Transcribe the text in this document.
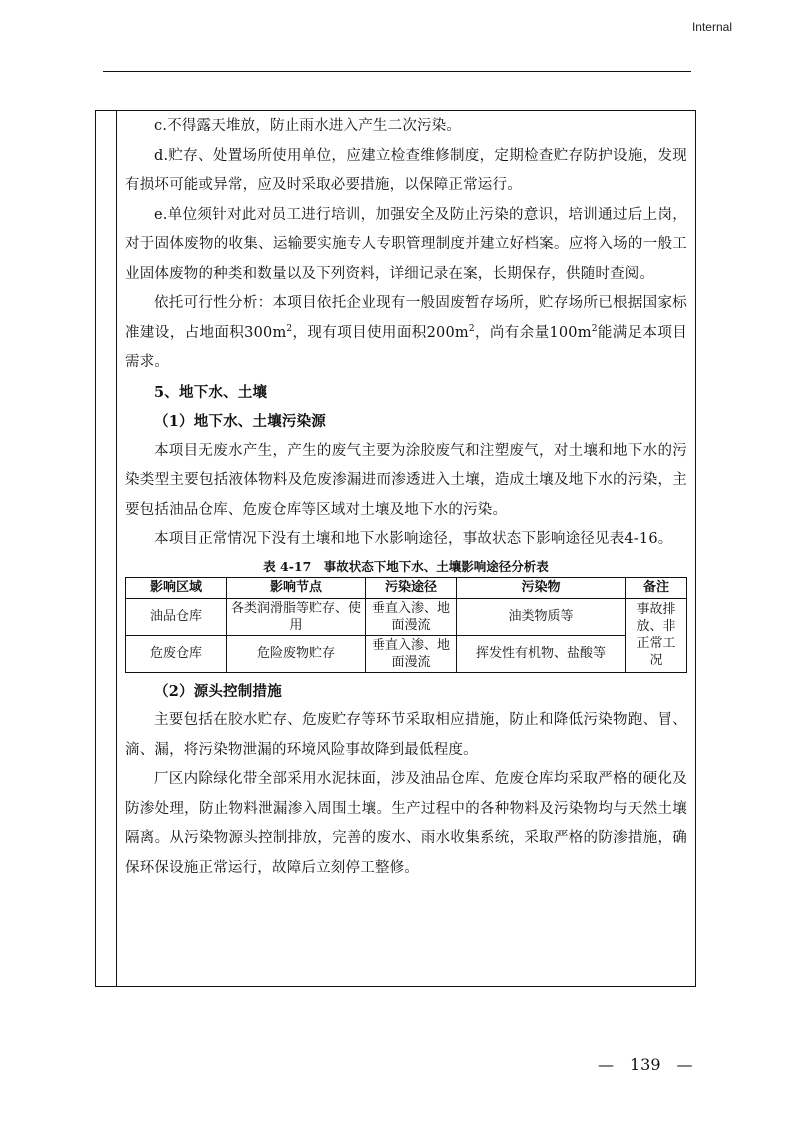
Internal

c.不得露天堆放，防止雨水进入产生二次污染。

d.贮存、处置场所使用单位，应建立检查维修制度，定期检查贮存防护设施，发现有损坏可能或异常，应及时采取必要措施，以保障正常运行。

e.单位须针对此对员工进行培训，加强安全及防止污染的意识，培训通过后上岗，对于固体废物的收集、运输要实施专人专职管理制度并建立好档案。应将入场的一般工业固体废物的种类和数量以及下列资料，详细记录在案，长期保存，供随时查阅。

依托可行性分析：本项目依托企业现有一般固废暂存场所，贮存场所已根据国家标准建设，占地面积$300m^2$，现有项目使用面积$200m^2$，尚有余量$100m^2$能满足本项目需求。

5、地下水、土壤

（1）地下水、土壤污染源

本项目无废水产生，产生的废气主要为涂胶废气和注塑废气，对土壤和地下水的污染类型主要包括液体物料及危废渗漏进而渗透进入土壤，造成土壤及地下水的污染，主要包括油品仓库、危废仓库等区域对土壤及地下水的污染。

本项目正常情况下没有土壤和地下水影响途径，事故状态下影响途径见表4-16。

表 4-17　事故状态下地下水、土壤影响途径分析表
影响区域	影响节点	污染途径	污染物	备注
油品仓库	各类润滑脂等贮存、使用	垂直入渗、地面漫流	油类物质等	事故排放、非正常工况
危废仓库	危险废物贮存	垂直入渗、地面漫流	挥发性有机物、盐酸等	

（2）源头控制措施

主要包括在胶水贮存、危废贮存等环节采取相应措施，防止和降低污染物跑、冒、滴、漏，将污染物泄漏的环境风险事故降到最低程度。

厂区内除绿化带全部采用水泥抹面，涉及油品仓库、危废仓库均采取严格的硬化及防渗处理，防止物料泄漏渗入周围土壤。生产过程中的各种物料及污染物均与天然土壤隔离。从污染物源头控制排放，完善的废水、雨水收集系统，采取严格的防渗措施，确保环保设施正常运行，故障后立刻停工整修。

—　139　—
